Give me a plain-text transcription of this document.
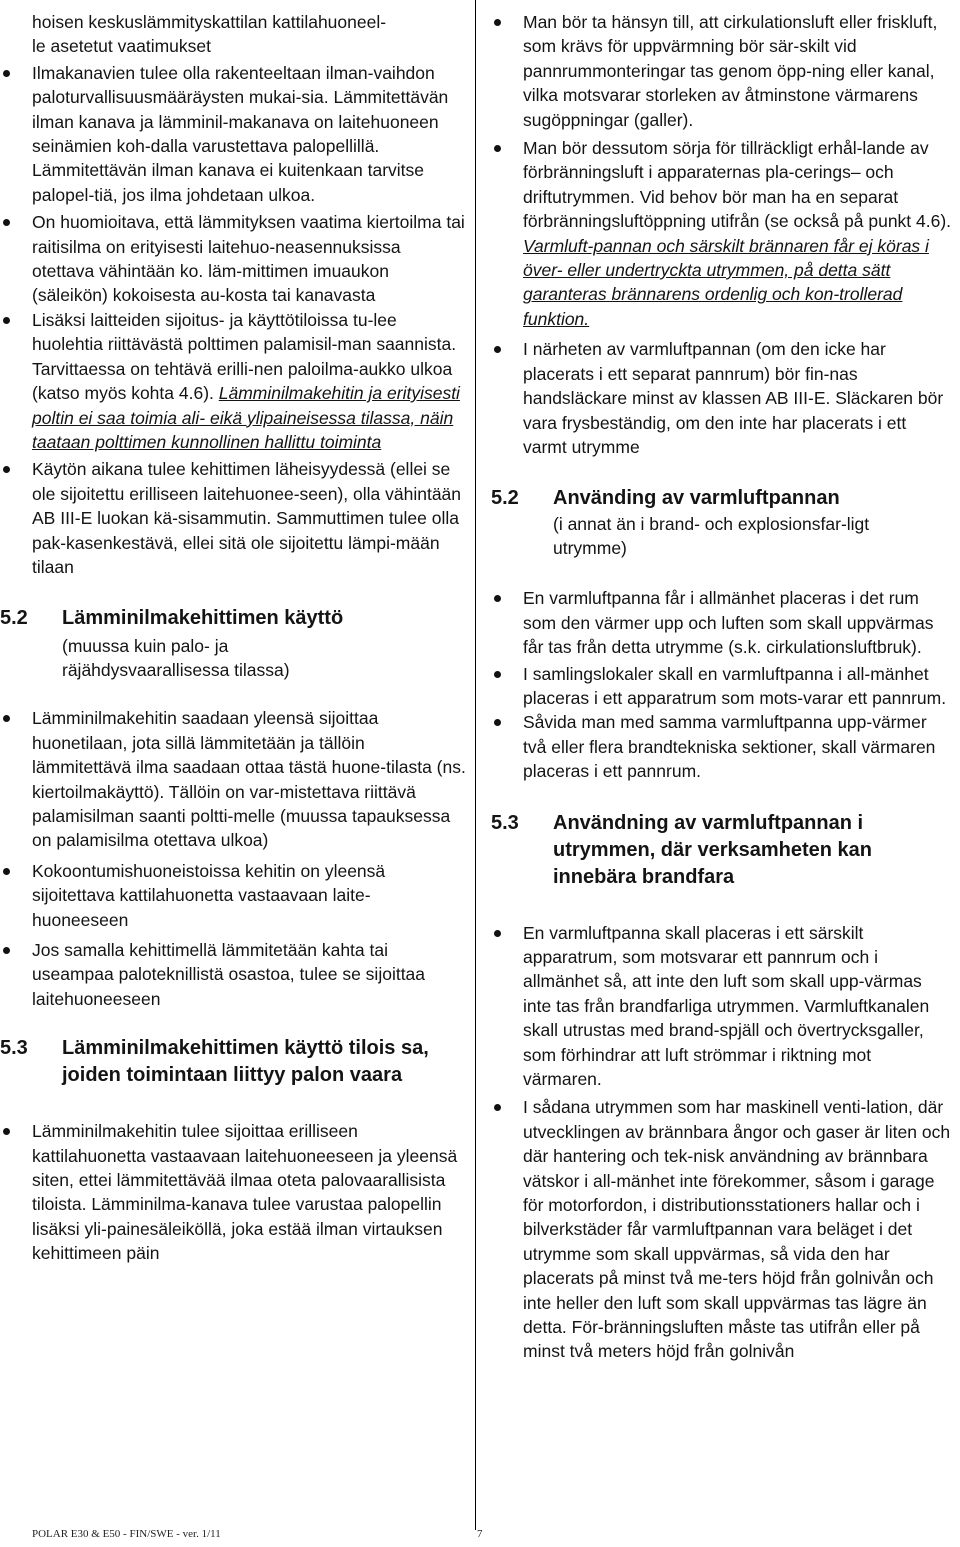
hoisen keskuslämmityskattilan kattilahuoneel-

le asetetut vaatimukset

Ilmakanavien tulee olla rakenteeltaan ilman-vaihdon paloturvallisuusmääräysten mukai-sia. Lämmitettävän ilman kanava ja lämminil-makanava on laitehuoneen seinämien koh-dalla varustettava palopellillä. Lämmitettävän ilman kanava ei kuitenkaan tarvitse palopel-tiä, jos ilma johdetaan ulkoa.
On huomioitava, että lämmityksen vaatima kiertoilma tai raitisilma on erityisesti laitehuo-neasennuksissa otettava vähintään ko. läm-mittimen imuaukon (säleikön) kokoisesta au-kosta tai kanavasta
Lisäksi laitteiden sijoitus- ja käyttötiloissa tu-lee huolehtia riittävästä polttimen palamisil-man saannista. Tarvittaessa on tehtävä erilli-nen paloilma-aukko ulkoa (katso myös kohta 4.6). Lämminilmakehitin ja erityisesti poltin ei saa toimia ali- eikä ylipaineisessa tilassa, näin taataan polttimen kunnollinen hallittu toiminta
Käytön aikana tulee kehittimen läheisyydessä (ellei se ole sijoitettu erilliseen laitehuonee-seen), olla vähintään AB III-E luokan kä-sisammutin. Sammuttimen tulee olla pak-kasenkestävä, ellei sitä ole sijoitettu lämpi-mään tilaan
5.2 Lämminilmakehittimen käyttö
(muussa kuin palo- ja räjähdysvaarallisessa tilassa)
Lämminilmakehitin saadaan yleensä sijoittaa huonetilaan, jota sillä lämmitetään ja tällöin lämmitettävä ilma saadaan ottaa tästä huone-tilasta (ns. kiertoilmakäyttö). Tällöin on var-mistettava riittävä palamisilman saanti poltti-melle (muussa tapauksessa on palamisilma otettava ulkoa)
Kokoontumishuoneistoissa kehitin on yleensä sijoitettava kattilahuonetta vastaavaan laite-huoneeseen
Jos samalla kehittimellä lämmitetään kahta tai useampaa paloteknillistä osastoa, tulee se sijoittaa laitehuoneeseen
5.3 Lämminilmakehittimen käyttö tilois sa, joiden toimintaan liittyy palon vaara
Lämminilmakehitin tulee sijoittaa erilliseen kattilahuonetta vastaavaan laitehuoneeseen ja yleensä siten, ettei lämmitettävää ilmaa oteta palovaarallisista tiloista. Lämminilma-kanava tulee varustaa palopellin lisäksi yli-painesäleiköllä, joka estää ilman virtauksen kehittimeen päin
Man bör ta hänsyn till, att cirkulationsluft eller friskluft, som krävs för uppvärmning bör sär-skilt vid pannrummonteringar tas genom öpp-ning eller kanal, vilka motsvarar storleken av åtminstone värmarens sugöppningar (galler).
Man bör dessutom sörja för tillräckligt erhål-lande av förbränningsluft i apparaternas pla-cerings– och driftutrymmen. Vid behov bör man ha en separat förbränningsluftöppning utifrån (se också på punkt 4.6). Varmluft-pannan och särskilt brännaren får ej köras i över- eller undertryckta utrymmen, på detta sätt garanteras brännarens ordenlig och kon-trollerad funktion.
I närheten av varmluftpannan (om den icke har placerats i ett separat pannrum) bör fin-nas handsläckare minst av klassen AB III-E. Släckaren bör vara frysbeständig, om den inte har placerats i ett varmt utrymme
5.2 Använding av varmluftpannan
(i annat än i brand- och explosionsfar-ligt utrymme)
En varmluftpanna får i allmänhet placeras i det rum som den värmer upp och luften som skall uppvärmas får tas från detta utrymme (s.k. cirkulationsluftbruk).
I samlingslokaler skall en varmluftpanna i all-mänhet placeras i ett apparatrum som mots-varar ett pannrum.
Såvida man med samma varmluftpanna upp-värmer två eller flera brandtekniska sektioner, skall värmaren placeras i ett pannrum.
5.3 Användning av varmluftpannan i utrymmen, där verksamheten kan innebära brandfara
En varmluftpanna skall placeras i ett särskilt apparatrum, som motsvarar ett pannrum och i allmänhet så, att inte den luft som skall upp-värmas inte tas från brandfarliga utrymmen. Varmluftkanalen skall utrustas med brand-spjäll och övertrycksgaller, som förhindrar att luft strömmar i riktning mot värmaren.
I sådana utrymmen som har maskinell venti-lation, där utvecklingen av brännbara ångor och gaser är liten och där hantering och tek-nisk användning av brännbara vätskor i all-mänhet inte förekommer, såsom i garage för motorfordon, i distributionsstationers hallar och i bilverkstäder får varmluftpannan vara beläget i det utrymme som skall uppvärmas, så vida den har placerats på minst två me-ters höjd från golnivån och inte heller den luft som skall uppvärmas tas lägre än detta. För-bränningsluften måste tas utifrån eller på minst två meters höjd från golnivån
POLAR E30 & E50 - FIN/SWE - ver. 1/11	7
